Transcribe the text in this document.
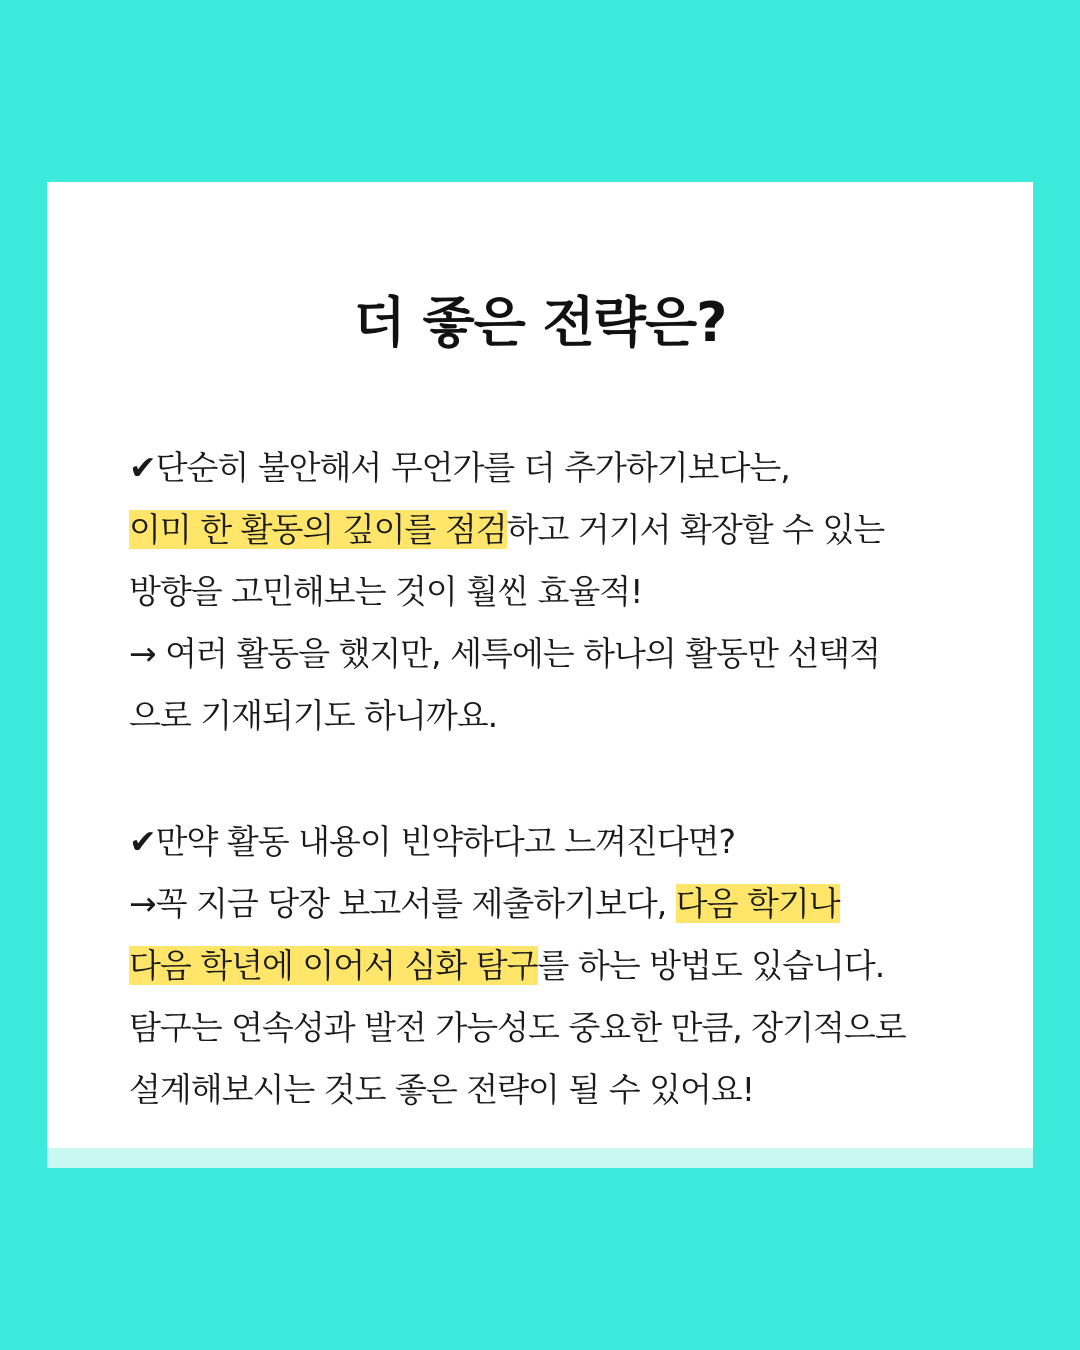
더 좋은 전략은?
✔단순히 불안해서 무언가를 더 추가하기보다는,
이미 한 활동의 깊이를 점검하고 거기서 확장할 수 있는
방향을 고민해보는 것이 훨씬 효율적!
→ 여러 활동을 했지만, 세특에는 하나의 활동만 선택적
으로 기재되기도 하니까요.
✔만약 활동 내용이 빈약하다고 느껴진다면?
→꼭 지금 당장 보고서를 제출하기보다, 다음 학기나
다음 학년에 이어서 심화 탐구를 하는 방법도 있습니다.
탐구는 연속성과 발전 가능성도 중요한 만큼, 장기적으로
설계해보시는 것도 좋은 전략이 될 수 있어요!
